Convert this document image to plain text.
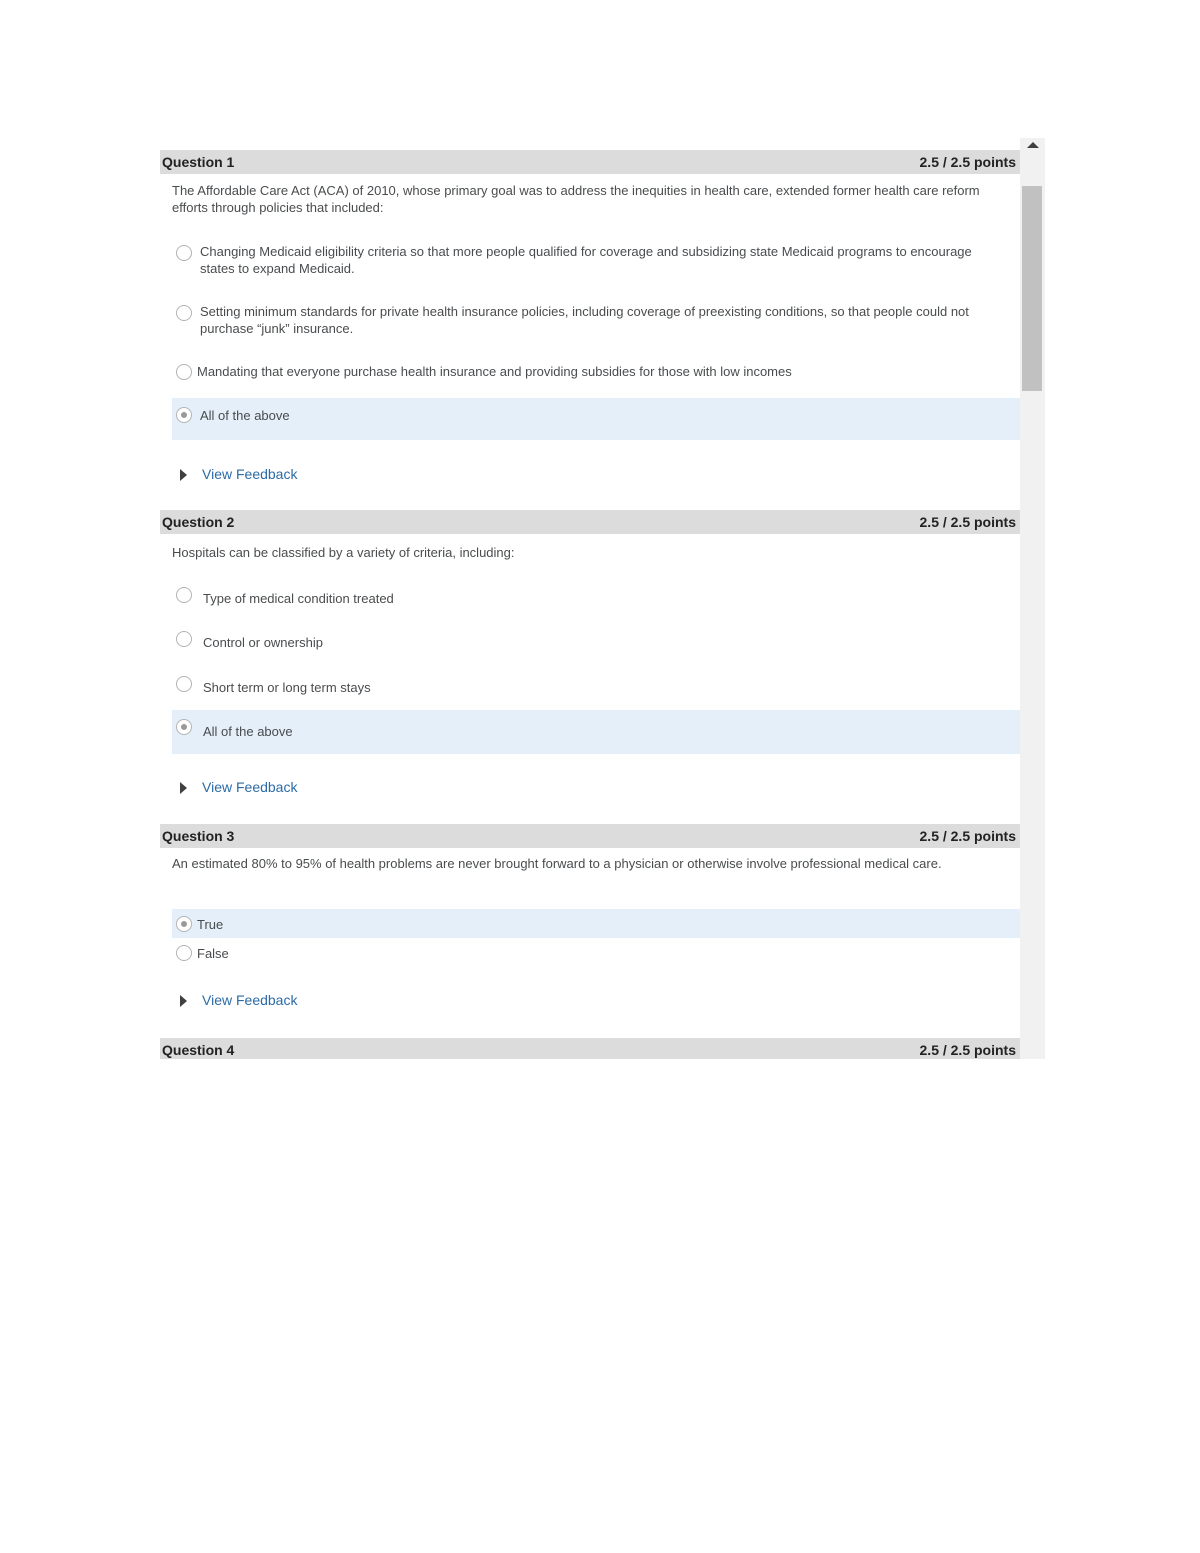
Question 1	2.5 / 2.5 points
The Affordable Care Act (ACA) of 2010, whose primary goal was to address the inequities in health care, extended former health care reform efforts through policies that included:
Changing Medicaid eligibility criteria so that more people qualified for coverage and subsidizing state Medicaid programs to encourage states to expand Medicaid.
Setting minimum standards for private health insurance policies, including coverage of preexisting conditions, so that people could not purchase “junk” insurance.
Mandating that everyone purchase health insurance and providing subsidies for those with low incomes
All of the above
View Feedback
Question 2	2.5 / 2.5 points
Hospitals can be classified by a variety of criteria, including:
Type of medical condition treated
Control or ownership
Short term or long term stays
All of the above
View Feedback
Question 3	2.5 / 2.5 points
An estimated 80% to 95% of health problems are never brought forward to a physician or otherwise involve professional medical care.
True
False
View Feedback
Question 4	2.5 / 2.5 points
